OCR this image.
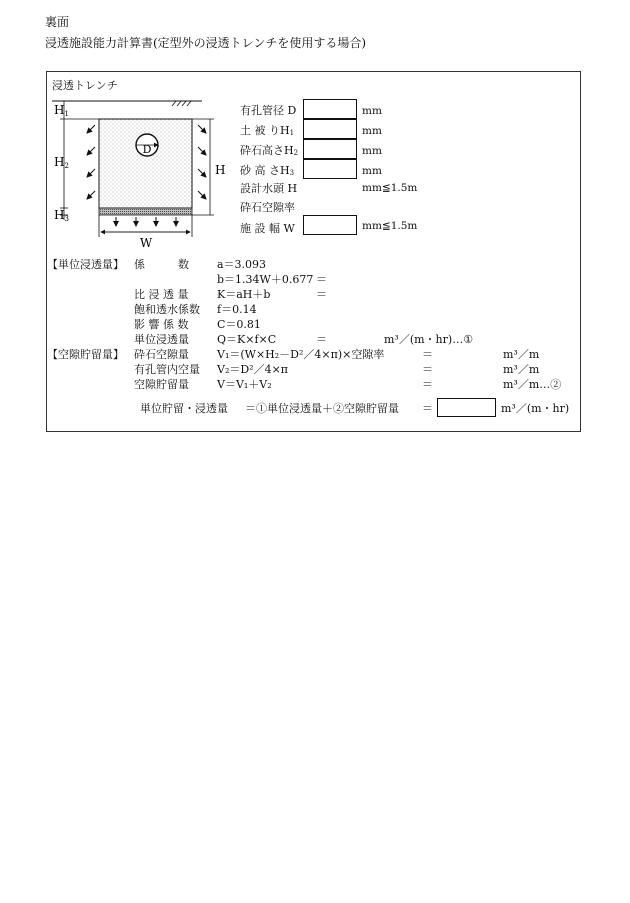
裏面
浸透施設能力計算書(定型外の浸透トレンチを使用する場合)
浸透トレンチ
D
H1
H2
H3
H
W
有孔管径 D	mm
土 被 り$H_1$	mm
砕石高さ$H_2$	mm
砂 高 さ$H_3$	mm
設計水頭 H	mm≦1.5m
砕石空隙率
施 設 幅 W	mm≦1.5m
【単位浸透量】 係　　　数	a＝3.093
b＝1.34W＋0.677 ＝
比 浸 透 量	K＝aH＋b	＝
飽和透水係数 f＝0.14
影 響 係 数	C＝0.81
単位浸透量	Q＝K×f×C	＝	m³／(m・hr)…①
【空隙貯留量】 砕石空隙量	V₁＝(W×H₂－D²／4×π)×空隙率	＝	m³／m
有孔管内空量 V₂＝D²／4×π	＝	m³／m
空隙貯留量	V＝V₁＋V₂	＝	m³／m…②
単位貯留・浸透量 ＝①単位浸透量＋②空隙貯留量 ＝	m³／(m・hr)
